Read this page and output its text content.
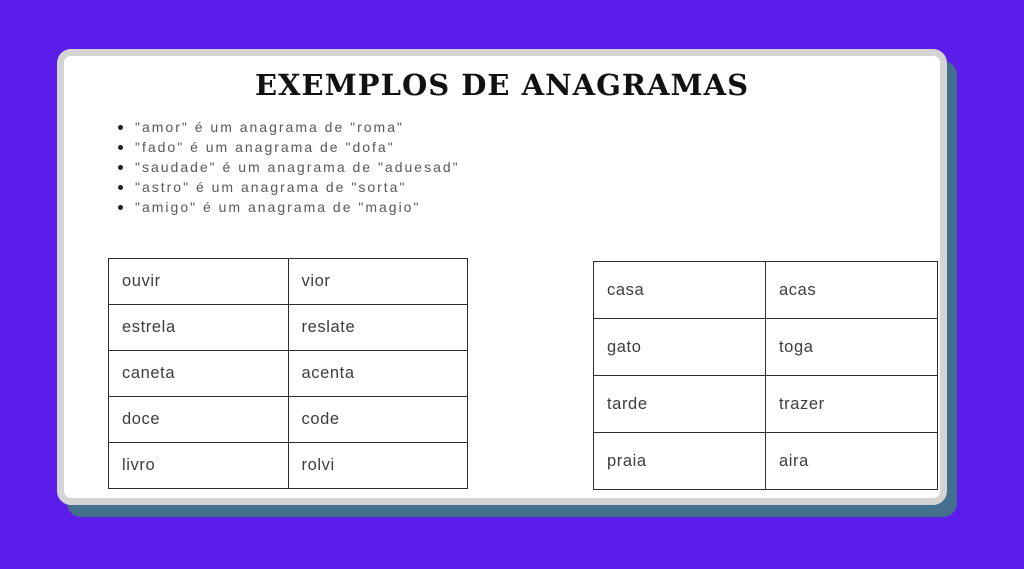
EXEMPLOS DE ANAGRAMAS
"amor" é um anagrama de "roma"
"fado" é um anagrama de "dofa"
"saudade" é um anagrama de "aduesad"
"astro" é um anagrama de "sorta"
"amigo" é um anagrama de "magio"
ouvir	vior
estrela	reslate
caneta	acenta
doce	code
livro	rolvi
casa	acas
gato	toga
tarde	trazer
praia	aira
